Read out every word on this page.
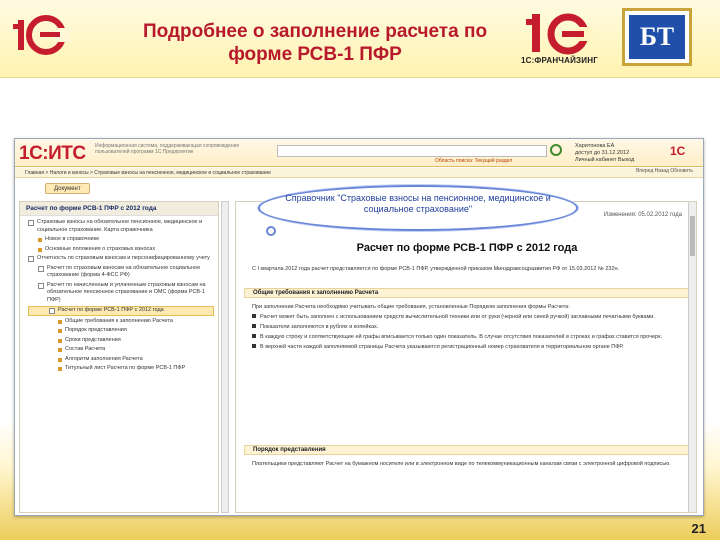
Подробнее о заполнение расчета по
форме РСВ-1 ПФР	1С:ФРАНЧАЙЗИНГ
БТ
21
1С:ИТС Информационная система, поддерживающая сопровождение пользователей программ 1С:Предприятие
Область поиска: Текущий раздел
Харитонова ЕА
доступ до 31.12.2012
Личный кабинет Выход
1С
Главная > Налоги и взносы > Страховые взносы на пенсионное, медицинское и социальное страхование	Вперед Назад Обновить
Документ
Расчет по форме РСВ-1 ПФР с 2012 года
Страховые взносы на обязательное пенсионное, медицинское и социальное страхование. Карта справочника
Новое в справочнике
Основные положения о страховых взносах
Отчетность по страховым взносам и персонифицированному учету
Расчет по страховым взносам на обязательное социальное страхование (форма 4-ФСС РФ)
Расчет по начисленным и уплаченным страховым взносам на обязательное пенсионное страхование и ОМС (форма РСВ-1 ПФР)
Расчет по форме РСВ-1 ПФР с 2012 года
Общие требования к заполнению Расчета
Порядок представления
Сроки представления
Состав Расчета
Алгоритм заполнения Расчета
Титульный лист Расчета по форме РСВ-1 ПФР
Изменения: 05.02.2012 года
Расчет по форме РСВ-1 ПФР с 2012 года
С I квартала 2012 года расчет представляется по форме РСВ-1 ПФР, утвержденной приказом Минздравсоцразвития РФ от 15.03.2012 № 232н.
Общие требования к заполнению Расчета

При заполнении Расчета необходимо учитывать общие требования, установленные Порядком заполнения формы Расчета:

Расчет может быть заполнен с использованием средств вычислительной техники или от руки (черной или синей ручкой) заглавными печатными буквами.

Показатели заполняются в рублях и копейках.

В каждую строку и соответствующие ей графы вписывается только один показатель. В случае отсутствия показателей в строках и графах ставится прочерк.

В верхней части каждой заполняемой страницы Расчета указываются регистрационный номер страхователя в территориальном органе ПФР.

Порядок представления

Плательщики представляют Расчет на бумажном носителе или в электронном виде по телекоммуникационным каналам связи с электронной цифровой подписью.

Справочник "Страховые взносы на пенсионное, медицинское и социальное страхование"
